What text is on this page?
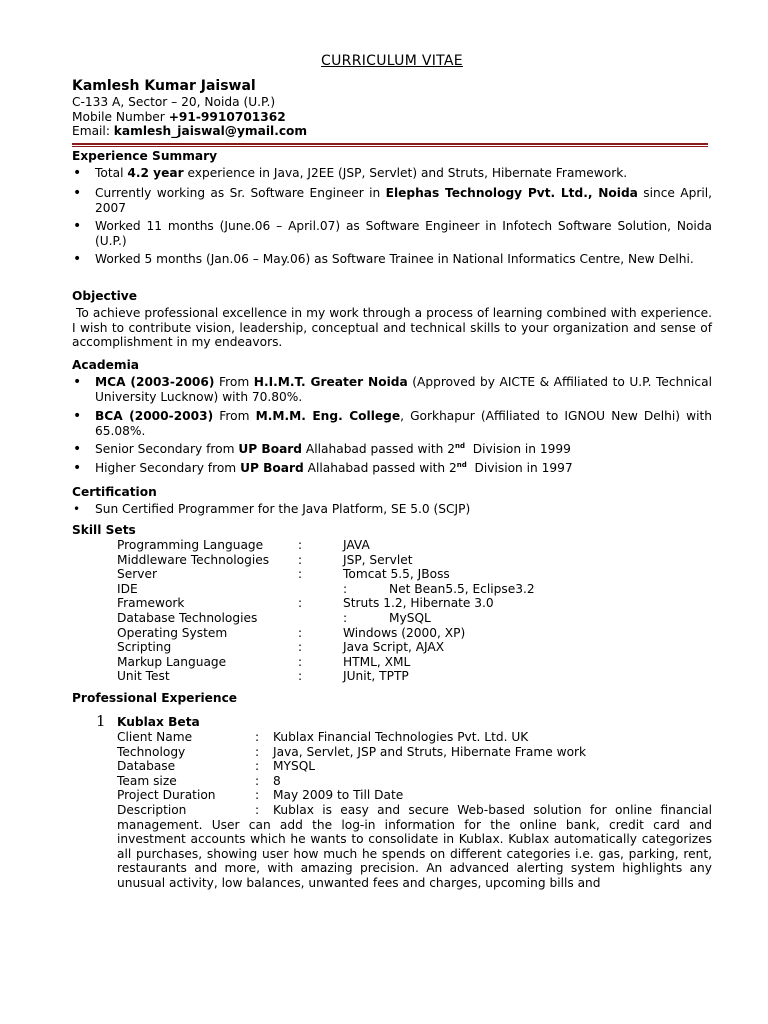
CURRICULUM VITAE
Kamlesh Kumar Jaiswal
C-133 A, Sector – 20, Noida (U.P.)
Mobile Number +91-9910701362
Email: kamlesh_jaiswal@ymail.com
Experience Summary
• Total 4.2 year experience in Java, J2EE (JSP, Servlet) and Struts, Hibernate Framework.
• Currently working as Sr. Software Engineer in Elephas Technology Pvt. Ltd., Noida since April, 2007
• Worked 11 months (June.06 – April.07) as Software Engineer in Infotech Software Solution, Noida (U.P.)
• Worked 5 months (Jan.06 – May.06) as Software Trainee in National Informatics Centre, New Delhi.
Objective
To achieve professional excellence in my work through a process of learning combined with experience. I wish to contribute vision, leadership, conceptual and technical skills to your organization and sense of accomplishment in my endeavors.
Academia
• MCA (2003-2006) From H.I.M.T. Greater Noida (Approved by AICTE & Affiliated to U.P. Technical University Lucknow) with 70.80%.
• BCA (2000-2003) From M.M.M. Eng. College, Gorkhapur (Affiliated to IGNOU New Delhi) with 65.08%.
• Senior Secondary from UP Board Allahabad passed with 2nd  Division in 1999
• Higher Secondary from UP Board Allahabad passed with 2nd  Division in 1997
Certification
• Sun Certified Programmer for the Java Platform, SE 5.0 (SCJP)
Skill Sets
Programming Language	:	JAVA
Middleware Technologies :	JSP, Servlet
Server	:	Tomcat 5.5, JBoss
IDE	:	Net Bean5.5, Eclipse3.2
Framework	:	Struts 1.2, Hibernate 3.0
Database Technologies	:	MySQL
Operating System	:	Windows (2000, XP)
Scripting	:	Java Script, AJAX
Markup Language	:	HTML, XML
Unit Test	:	JUnit, TPTP
Professional Experience
1 Kublax Beta
Client Name	: Kublax Financial Technologies Pvt. Ltd. UK
Technology	: Java, Servlet, JSP and Struts, Hibernate Frame work
Database	: MYSQL
Team size	: 8
Project Duration	: May 2009 to Till Date
Description	: Kublax is easy and secure Web-based solution for online financial management. User can add the log-in information for the online bank, credit card and investment accounts which he wants to consolidate in Kublax. Kublax automatically categorizes all purchases, showing user how much he spends on different categories i.e. gas, parking, rent, restaurants and more, with amazing precision. An advanced alerting system highlights any unusual activity, low balances, unwanted fees and charges, upcoming bills and
